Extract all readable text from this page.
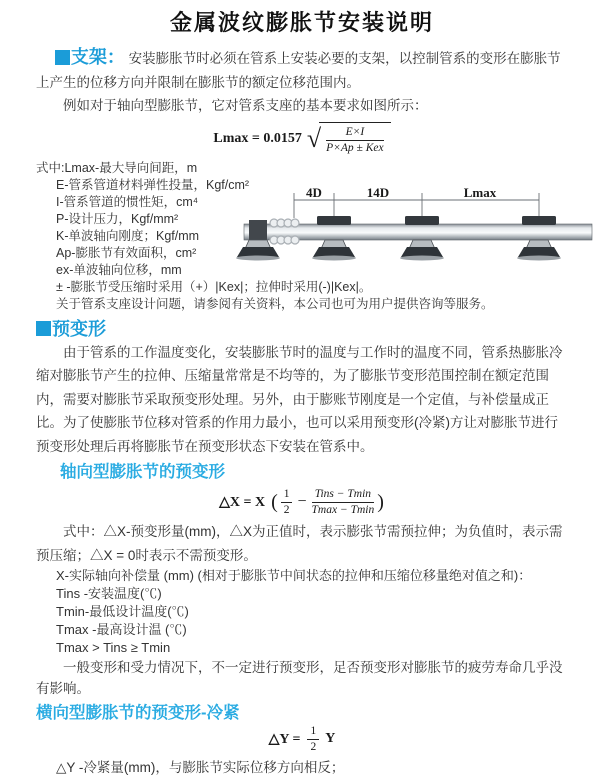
金属波纹膨胀节安装说明

支架： 安装膨胀节时必须在管系上安装必要的支架，以控制管系的变形在膨胀节上产生的位移方向并限制在膨胀节的额定位移范围内。

例如对于轴向型膨胀节，它对管系支座的基本要求如图所示：

Lmax = 0.0157 √ $\frac{E\times I}{\text{P×Ap ± Kex}}$
式中:Lmax-最大导向间距，m
E-管系管道材料弹性投量，Kgf/cm²
I-管系管道的惯性矩，cm⁴
P-设计压力，Kgf/mm²
K-单波轴向刚度；Kgf/mm
Ap-膨胀节有效面积，cm²
ex-单波轴向位移，mm
± -膨胀节受压缩时采用（+）|Kex|；拉伸时采用(-)|Kex|。
关于管系支座设计问题，请参阅有关资料，本公司也可为用户提供咨询等服务。
4D	14D	Lmax
预变形

由于管系的工作温度变化，安装膨胀节时的温度与工作时的温度不同，管系热膨胀冷缩对膨胀节产生的拉伸、压缩量常常是不均等的，为了膨胀节变形范围控制在额定范围内，需要对膨胀节采取预变形处理。另外，由于膨账节刚度是一个定值，与补偿量成正比。为了使膨胀节位移对管系的作用力最小，也可以采用预变形(冷紧)方让对膨胀节进行预变形处理后再将膨胀节在预变形状态下安装在管系中。

轴向型膨胀节的预变形
△X = X ( $\frac{1}{2} - \frac{\text{Tins − Tmin}}{Tmax - Tmin}$ )

式中：△X-预变形量(mm)，△X为正值时，表示膨张节需预拉伸；为负值时，表示需预压缩；△X = 0时表示不需预变形。

X-实际轴向补偿量 (mm) (相对于膨胀节中间状态的拉伸和压缩位移量绝对值之和)：
Tins -安装温度(℃)
Tmin-最低设计温度(℃)
Tmax -最高设计温 (℃)
Tmax > Tins ≥ Tmin

一般变形和受力情况下，不一定进行预变形，足否预变形对膨胀节的疲劳寿命几乎没有影响。

横向型膨胀节的预变形-冷紧
△Y = $\frac{1}{2}$ Y

△Y -冷紧量(mm)，与膨胀节实际位移方向相反；
